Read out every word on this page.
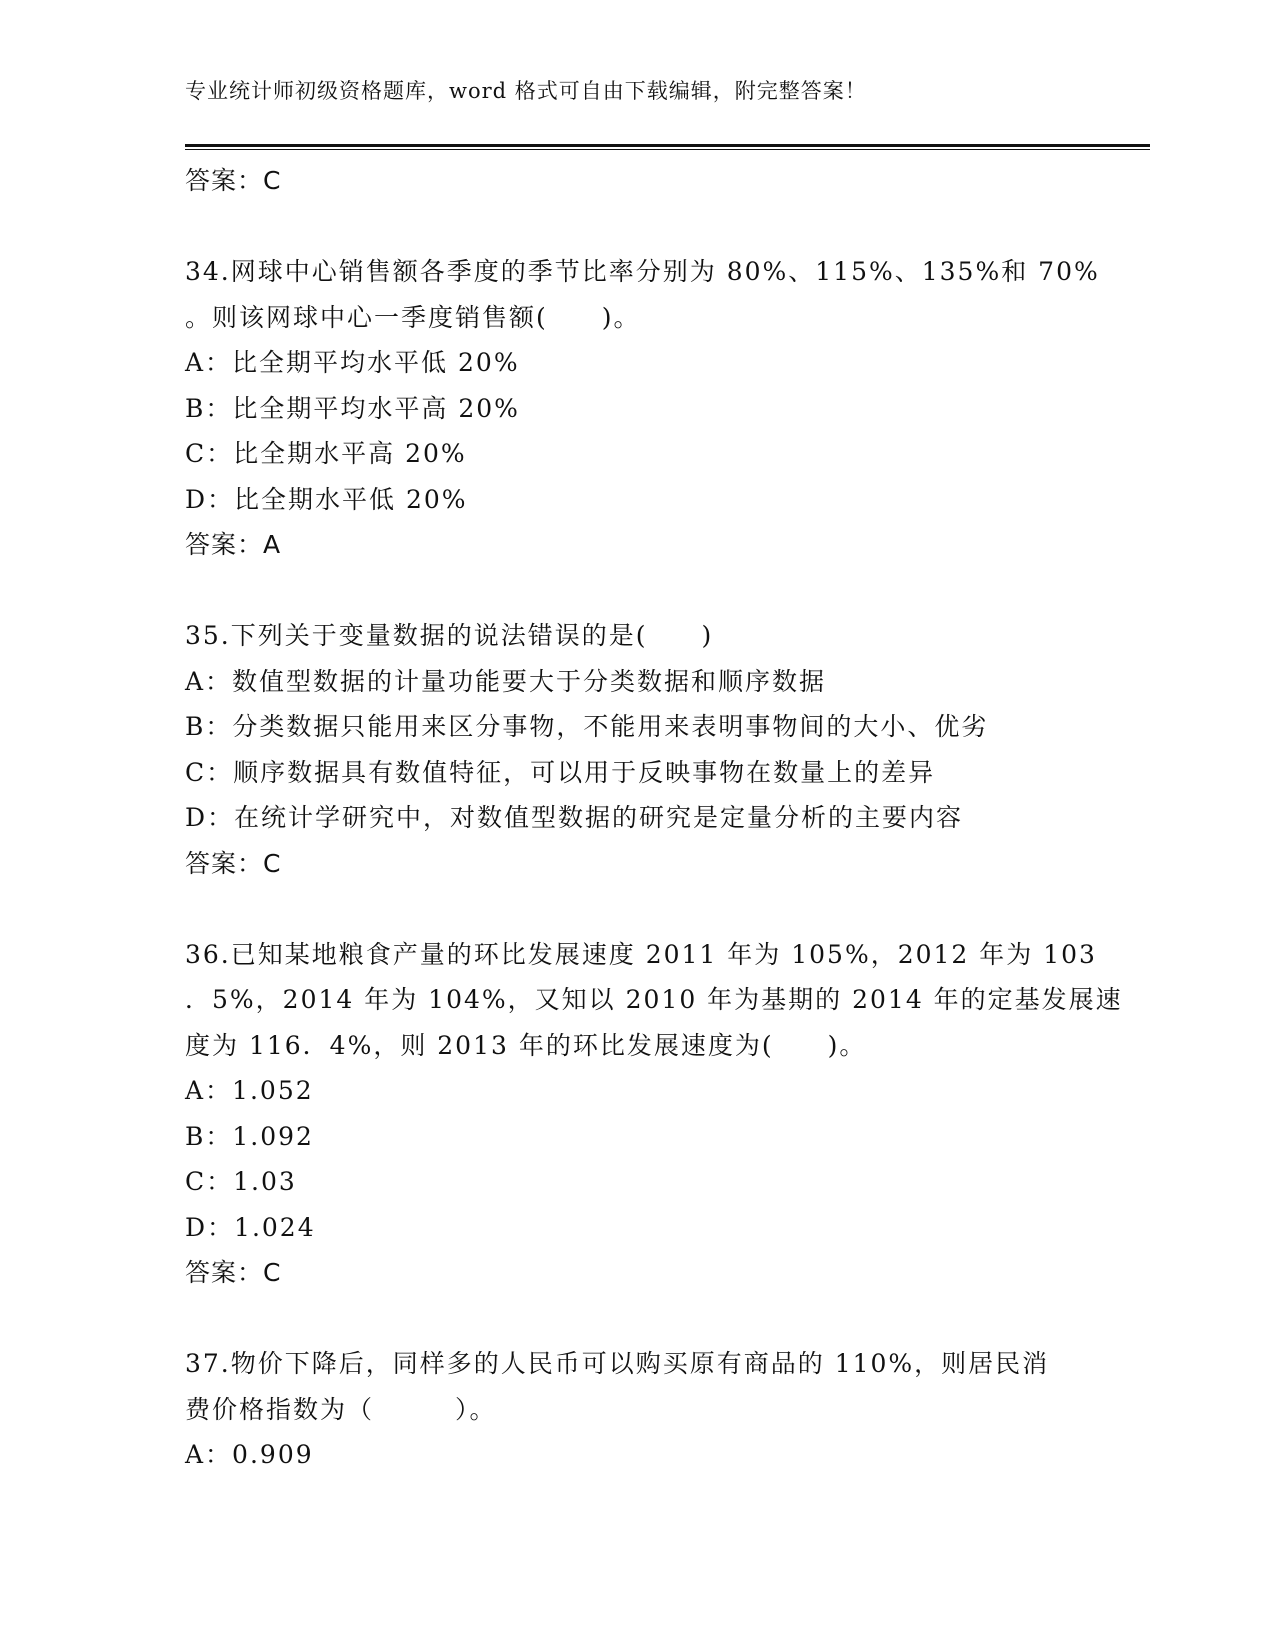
专业统计师初级资格题库，word 格式可自由下载编辑，附完整答案！
答案：C
34.网球中心销售额各季度的季节比率分别为 80%、115%、135%和 70%
。则该网球中心一季度销售额(　　)。
A：比全期平均水平低 20%
B：比全期平均水平高 20%
C：比全期水平高 20%
D：比全期水平低 20%
答案：A
35.下列关于变量数据的说法错误的是(　　)
A：数值型数据的计量功能要大于分类数据和顺序数据
B：分类数据只能用来区分事物，不能用来表明事物间的大小、优劣
C：顺序数据具有数值特征，可以用于反映事物在数量上的差异
D：在统计学研究中，对数值型数据的研究是定量分析的主要内容
答案：C
36.已知某地粮食产量的环比发展速度 2011 年为 105%，2012 年为 103
．5%，2014 年为 104%，又知以 2010 年为基期的 2014 年的定基发展速
度为 116．4%，则 2013 年的环比发展速度为(　　)。
A：1.052
B：1.092
C：1.03
D：1.024
答案：C
37.物价下降后，同样多的人民币可以购买原有商品的 110%，则居民消
费价格指数为（　　　）。
A：0.909
